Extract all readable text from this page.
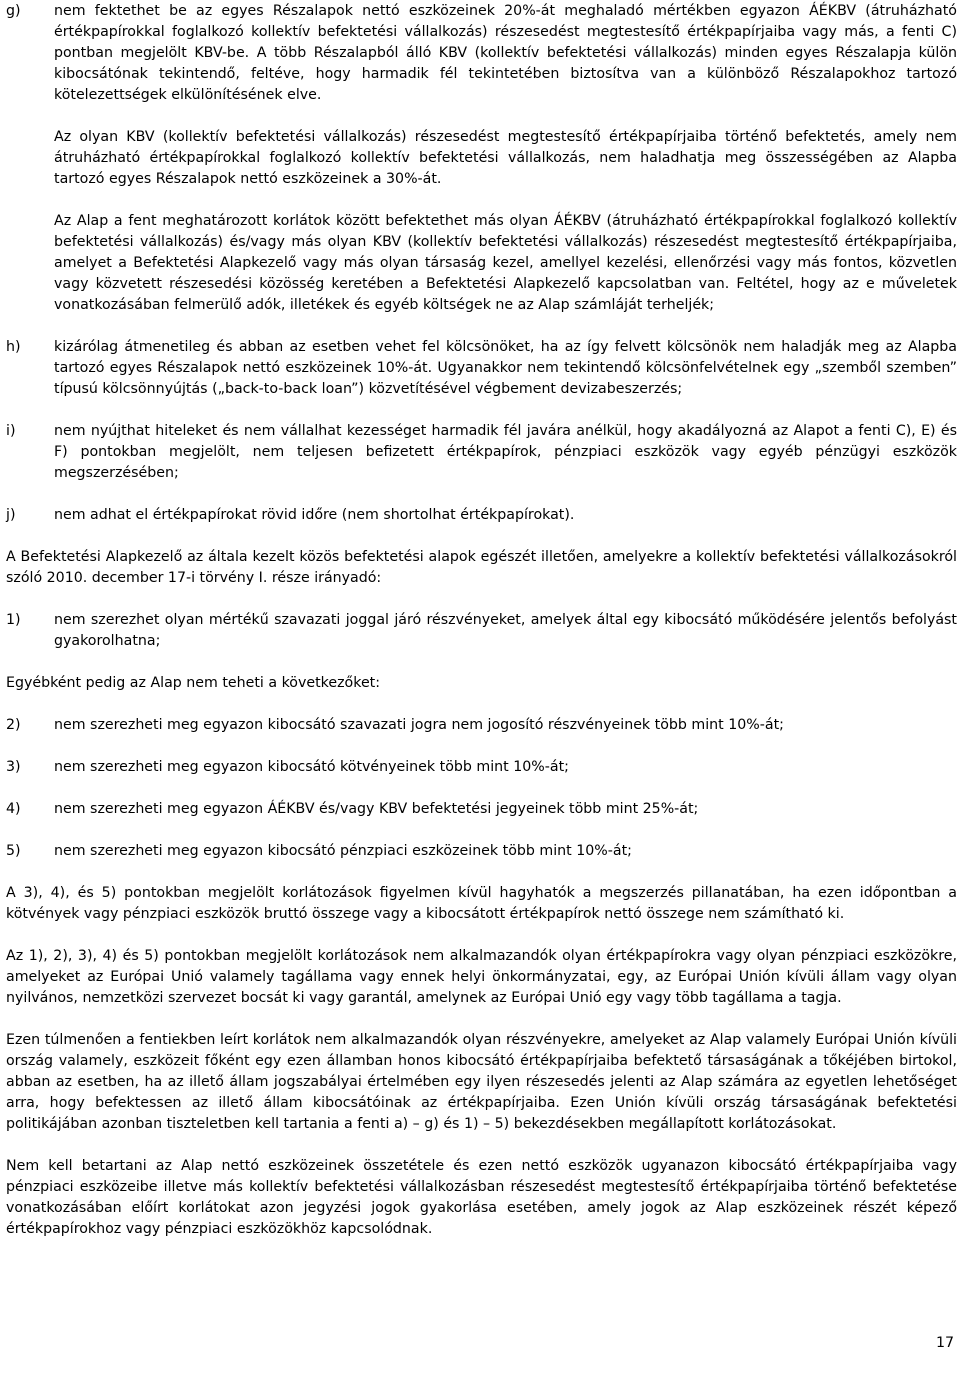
g)	nem fektethet be az egyes Részalapok nettó eszközeinek 20%-át meghaladó mértékben egyazon ÁÉKBV (átruházható értékpapírokkal foglalkozó kollektív befektetési vállalkozás) részesedést megtestesítő értékpapírjaiba vagy más, a fenti C) pontban megjelölt KBV-be. A több Részalapból álló KBV (kollektív befektetési vállalkozás) minden egyes Részalapja külön kibocsátónak tekintendő, feltéve, hogy harmadik fél tekintetében biztosítva van a különböző Részalapokhoz tartozó kötelezettségek elkülönítésének elve.
Az olyan KBV (kollektív befektetési vállalkozás) részesedést megtestesítő értékpapírjaiba történő befektetés, amely nem átruházható értékpapírokkal foglalkozó kollektív befektetési vállalkozás, nem haladhatja meg összességében az Alapba tartozó egyes Részalapok nettó eszközeinek a 30%-át.
Az Alap a fent meghatározott korlátok között befektethet más olyan ÁÉKBV (átruházható értékpapírokkal foglalkozó kollektív befektetési vállalkozás) és/vagy más olyan KBV (kollektív befektetési vállalkozás) részesedést megtestesítő értékpapírjaiba, amelyet a Befektetési Alapkezelő vagy más olyan társaság kezel, amellyel kezelési, ellenőrzési vagy más fontos, közvetlen vagy közvetett részesedési közösség keretében a Befektetési Alapkezelő kapcsolatban van. Feltétel, hogy az e műveletek vonatkozásában felmerülő adók, illetékek és egyéb költségek ne az Alap számláját terheljék;
h)	kizárólag átmenetileg és abban az esetben vehet fel kölcsönöket, ha az így felvett kölcsönök nem haladják meg az Alapba tartozó egyes Részalapok nettó eszközeinek 10%-át. Ugyanakkor nem tekintendő kölcsönfelvételnek egy „szemből szemben” típusú kölcsönnyújtás („back-to-back loan”) közvetítésével végbement devizabeszerzés;
i)	nem nyújthat hiteleket és nem vállalhat kezességet harmadik fél javára anélkül, hogy akadályozná az Alapot a fenti C), E) és F) pontokban megjelölt, nem teljesen befizetett értékpapírok, pénzpiaci eszközök vagy egyéb pénzügyi eszközök megszerzésében;
j)	nem adhat el értékpapírokat rövid időre (nem shortolhat értékpapírokat).

A Befektetési Alapkezelő az általa kezelt közös befektetési alapok egészét illetően, amelyekre a kollektív befektetési vállalkozásokról szóló 2010. december 17-i törvény I. része irányadó:

1)	nem szerezhet olyan mértékű szavazati joggal járó részvényeket, amelyek által egy kibocsátó működésére jelentős befolyást gyakorolhatna;

Egyébként pedig az Alap nem teheti a következőket:

2)	nem szerezheti meg egyazon kibocsátó szavazati jogra nem jogosító részvényeinek több mint 10%-át;
3)	nem szerezheti meg egyazon kibocsátó kötvényeinek több mint 10%-át;
4)	nem szerezheti meg egyazon ÁÉKBV és/vagy KBV befektetési jegyeinek több mint 25%-át;
5)	nem szerezheti meg egyazon kibocsátó pénzpiaci eszközeinek több mint 10%-át;

A 3), 4), és 5) pontokban megjelölt korlátozások figyelmen kívül hagyhatók a megszerzés pillanatában, ha ezen időpontban a kötvények vagy pénzpiaci eszközök bruttó összege vagy a kibocsátott értékpapírok nettó összege nem számítható ki.

Az 1), 2), 3), 4) és 5) pontokban megjelölt korlátozások nem alkalmazandók olyan értékpapírokra vagy olyan pénzpiaci eszközökre, amelyeket az Európai Unió valamely tagállama vagy ennek helyi önkormányzatai, egy, az Európai Unión kívüli állam vagy olyan nyilvános, nemzetközi szervezet bocsát ki vagy garantál, amelynek az Európai Unió egy vagy több tagállama a tagja.

Ezen túlmenően a fentiekben leírt korlátok nem alkalmazandók olyan részvényekre, amelyeket az Alap valamely Európai Unión kívüli ország valamely, eszközeit főként egy ezen államban honos kibocsátó értékpapírjaiba befektető társaságának a tőkéjében birtokol, abban az esetben, ha az illető állam jogszabályai értelmében egy ilyen részesedés jelenti az Alap számára az egyetlen lehetőséget arra, hogy befektessen az illető állam kibocsátóinak az értékpapírjaiba. Ezen Unión kívüli ország társaságának befektetési politikájában azonban tiszteletben kell tartania a fenti a) – g) és 1) – 5) bekezdésekben megállapított korlátozásokat.

Nem kell betartani az Alap nettó eszközeinek összetétele és ezen nettó eszközök ugyanazon kibocsátó értékpapírjaiba vagy pénzpiaci eszközeibe illetve más kollektív befektetési vállalkozásban részesedést megtestesítő értékpapírjaiba történő befektetése vonatkozásában előírt korlátokat azon jegyzési jogok gyakorlása esetében, amely jogok az Alap eszközeinek részét képező értékpapírokhoz vagy pénzpiaci eszközökhöz kapcsolódnak.

17
